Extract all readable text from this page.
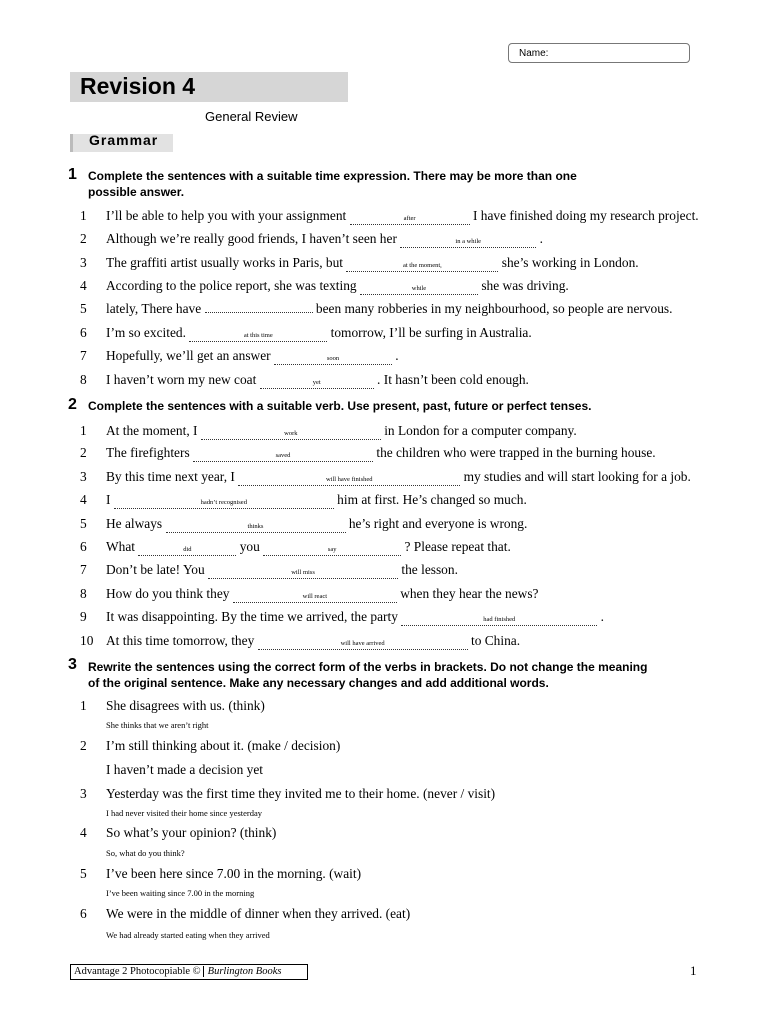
Name:
Revision 4
General Review
Grammar
1 Complete the sentences with a suitable time expression. There may be more than one possible answer.
1 I’ll be able to help you with your assignment	after	I have finished doing my research project.
2 Although we’re really good friends, I haven’t seen her	in a while	.
3 The graffiti artist usually works in Paris, but	at the moment,	she’s working in London.
4 According to the police report, she was texting	while	she was driving.
5 lately, There have	been many robberies in my neighbourhood, so people are nervous.
6 I’m so excited.	at this time	tomorrow, I’ll be surfing in Australia.
7 Hopefully, we’ll get an answer	soon	.
8 I haven’t worn my new coat	yet	. It hasn’t been cold enough.
2 Complete the sentences with a suitable verb. Use present, past, future or perfect tenses.
1 At the moment, I	work	in London for a computer company.
2 The firefighters	saved	the children who were trapped in the burning house.
3 By this time next year, I	will have finished	my studies and will start looking for a job.
4 I	hadn’t recognised	him at first. He’s changed so much.
5 He always	thinks	he’s right and everyone is wrong.
6 What	did	you	say	? Please repeat that.
7 Don’t be late! You	will miss	the lesson.
8 How do you think they	will react	when they hear the news?
9 It was disappointing. By the time we arrived, the party	had finished	.
10 At this time tomorrow, they	will have arrived	to China.
3 Rewrite the sentences using the correct form of the verbs in brackets. Do not change the meaning of the original sentence. Make any necessary changes and add additional words.
1 She disagrees with us. (think)
She thinks that we aren’t right
2 I’m still thinking about it. (make / decision)
I haven’t made a decision yet
3 Yesterday was the first time they invited me to their home. (never / visit)
I had never visited their home since yesterday
4 So what’s your opinion? (think)
So, what do you think?
5 I’ve been here since 7.00 in the morning. (wait)
I’ve been waiting since 7.00 in the morning
6 We were in the middle of dinner when they arrived. (eat)
We had already started eating when they arrived
Advantage 2 Photocopiable © Burlington Books	1
